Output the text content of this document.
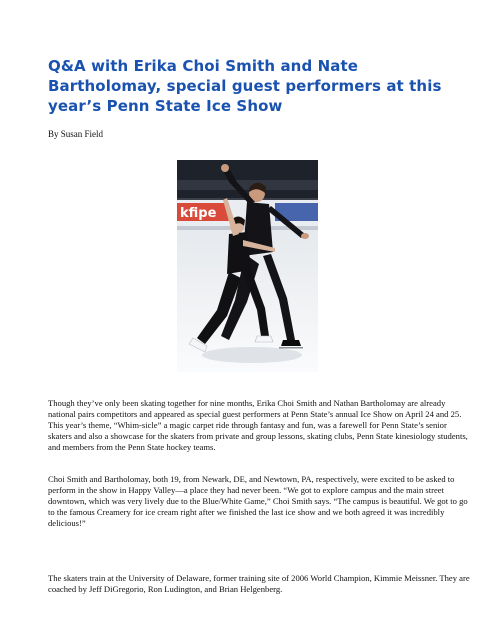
Q&A with Erika Choi Smith and Nate Bartholomay, special guest performers at this year’s Penn State Ice Show

By Susan Field

kfipe

Though they’ve only been skating together for nine months, Erika Choi Smith and Nathan Bartholomay are already national pairs competitors and appeared as special guest performers at Penn State’s annual Ice Show on April 24 and 25. This year’s theme, “Whim-sicle” a magic carpet ride through fantasy and fun, was a farewell for Penn State’s senior skaters and also a showcase for the skaters from private and group lessons, skating clubs, Penn State kinesiology students, and members from the Penn State hockey teams.

Choi Smith and Bartholomay, both 19, from Newark, DE, and Newtown, PA, respectively, were excited to be asked to perform in the show in Happy Valley—a place they had never been. “We got to explore campus and the main street downtown, which was very lively due to the Blue/White Game,” Choi Smith says. “The campus is beautiful. We got to go to the famous Creamery for ice cream right after we finished the last ice show and we both agreed it was incredibly delicious!”

The skaters train at the University of Delaware, former training site of 2006 World Champion, Kimmie Meissner. They are coached by Jeff DiGregorio, Ron Ludington, and Brian Helgenberg.
